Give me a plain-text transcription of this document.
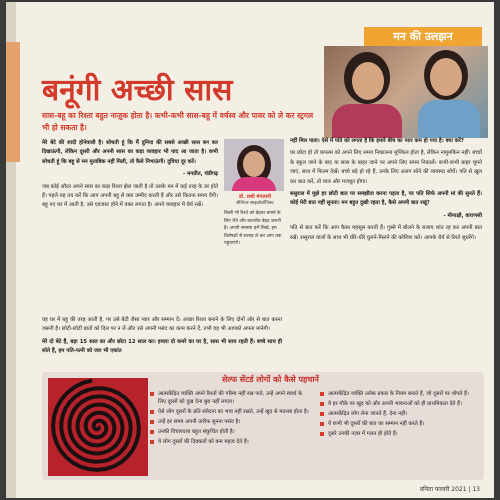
मन की उलझन
बनूंगी अच्छी सास
सास-बहू का रिश्ता बहुत नाज़ुक होता है। कभी-कभी सास-बहू में वर्चस्व और पावर को ले कर स्ट्रगल भी हो सकता है।

मेरे बेटे की शादी होनेवाली है। सोचती हूं कि मैं दुनिया की सबसे अच्छी सास बन कर दिखाऊंगी, लेकिन दूसरी और अपनी सास का कड़ा व्यवहार भी याद आ जाता है। कभी सोचती हूं कि बहू से मन मुताबिक नहीं मिली, तो कैसे निभाऊंगी। दुविधा दूर करें।

- मनप्रीत, चंडीगढ़

जब कोई औरत अपने सास का कड़ा रिश्ता झेल जाती है तो उसके मन में कई तरह के डर होते हैं। पहले यह तय करें कि आप अपनी बहू से क्या उम्मीद करती हैं और उसे कितना समय देंगी। बहू नए घर में आती है, उसे एडजस्ट होने में वक्त लगता है। अपने व्यवहार में धैर्य रखें।

डॉ. शशी मंगलानी
सीनियर साइकोलॉजिस्ट
किसी भी रिश्ते को बेहतर बनाने के लिए धैर्य और बातचीत बेहद जरूरी है। अपनी समस्या हमें लिखें, हम विशेषज्ञों से सलाह ले कर आप तक पहुंचाएंगे।

वह घर में बहू की तरह आती है, पर उसे बेटी जैसा प्यार और सम्मान दें। अच्छा रिश्ता बनाने के लिए दोनों ओर से बात करना जरूरी है। छोटी-छोटी बातों को दिल पर न लें और उसे अपनी पसंद का काम करने दें, तभी वह भी आपको अपना मानेगी।

मेरे दो बेटे हैं, बड़ा 15 साल का और छोटा 12 साल का। हमारा दो कमरे का घर है, सास भी साथ रहती हैं। बच्चे साथ ही सोते हैं, हम पति-पत्नी को जरा भी एकांत

नहीं मिल पाता। ऐसे में पति को लगता है कि हमारे बीच का प्यार कम हो गया है। क्या करें?

घर छोटा हो तो कपल्स को अपने लिए समय निकालना मुश्किल होता है, लेकिन नामुमकिन नहीं। बच्चों के स्कूल जाने के बाद या सास के बाहर जाने पर अपने लिए समय निकालें। कभी-कभी बाहर घूमने जाएं, साथ में फिल्म देखें। बच्चे बड़े हो रहे हैं, उनके लिए अलग सोने की व्यवस्था सोचें। पति से खुल कर बात करें, तो प्यार और मजबूत होगा।

ससुराल में मुझे हर छोटी बात पर समझौता करना पड़ता है, पर पति सिर्फ अपनी मां की सुनते हैं। कोई मेरी बात नहीं सुनता। मन बहुत दुखी रहता है, कैसे अपनी बात रखूं?

- मीनाक्षी, वाराणसी

पति से बात करें कि आप कैसा महसूस करती हैं। गुस्से में बोलने के बजाय शांत रह कर अपनी बात रखें। ससुराल वालों के साथ भी धीरे-धीरे घुलने-मिलने की कोशिश करें। आपके धैर्य से रिश्ते सुधरेंगे।

सेल्फ सेंटर्ड लोगों को कैसे पहचानें
आत्मकेंद्रित व्यक्ति अपने रिश्तों की गरिमा नहीं रख पाते, उन्हें अपने स्वार्थ के लिए दूसरों को दुख देना बुरा नहीं लगता।
ऐसे लोग दूसरों के प्रति संवेदना का भाव नहीं रखते, उन्हें खुद से मतलब होता है।
उन्हें हर समय अपनी तारीफ सुनना पसंद है।
उनकी विचारधारा बहुत संकुचित होती है।
ये लोग दूसरों की दिक्कतों को कम महत्व देते हैं।
आत्मकेंद्रित व्यक्ति अनेक प्रकार के नियम बनाते हैं, जो दूसरों पर थोपते हैं।
वे हर मौके पर खुद को और अपनी भावनाओं को ही प्राथमिकता देते हैं।
आत्मकेंद्रित लोग लेना जानते हैं, देना नहीं।
ये कभी भी दूसरों की बात का सम्मान नहीं करते हैं।
दूसरे उनकी नज़र में गलत ही होते हैं।
वनिता फरवरी 2021 | 13
